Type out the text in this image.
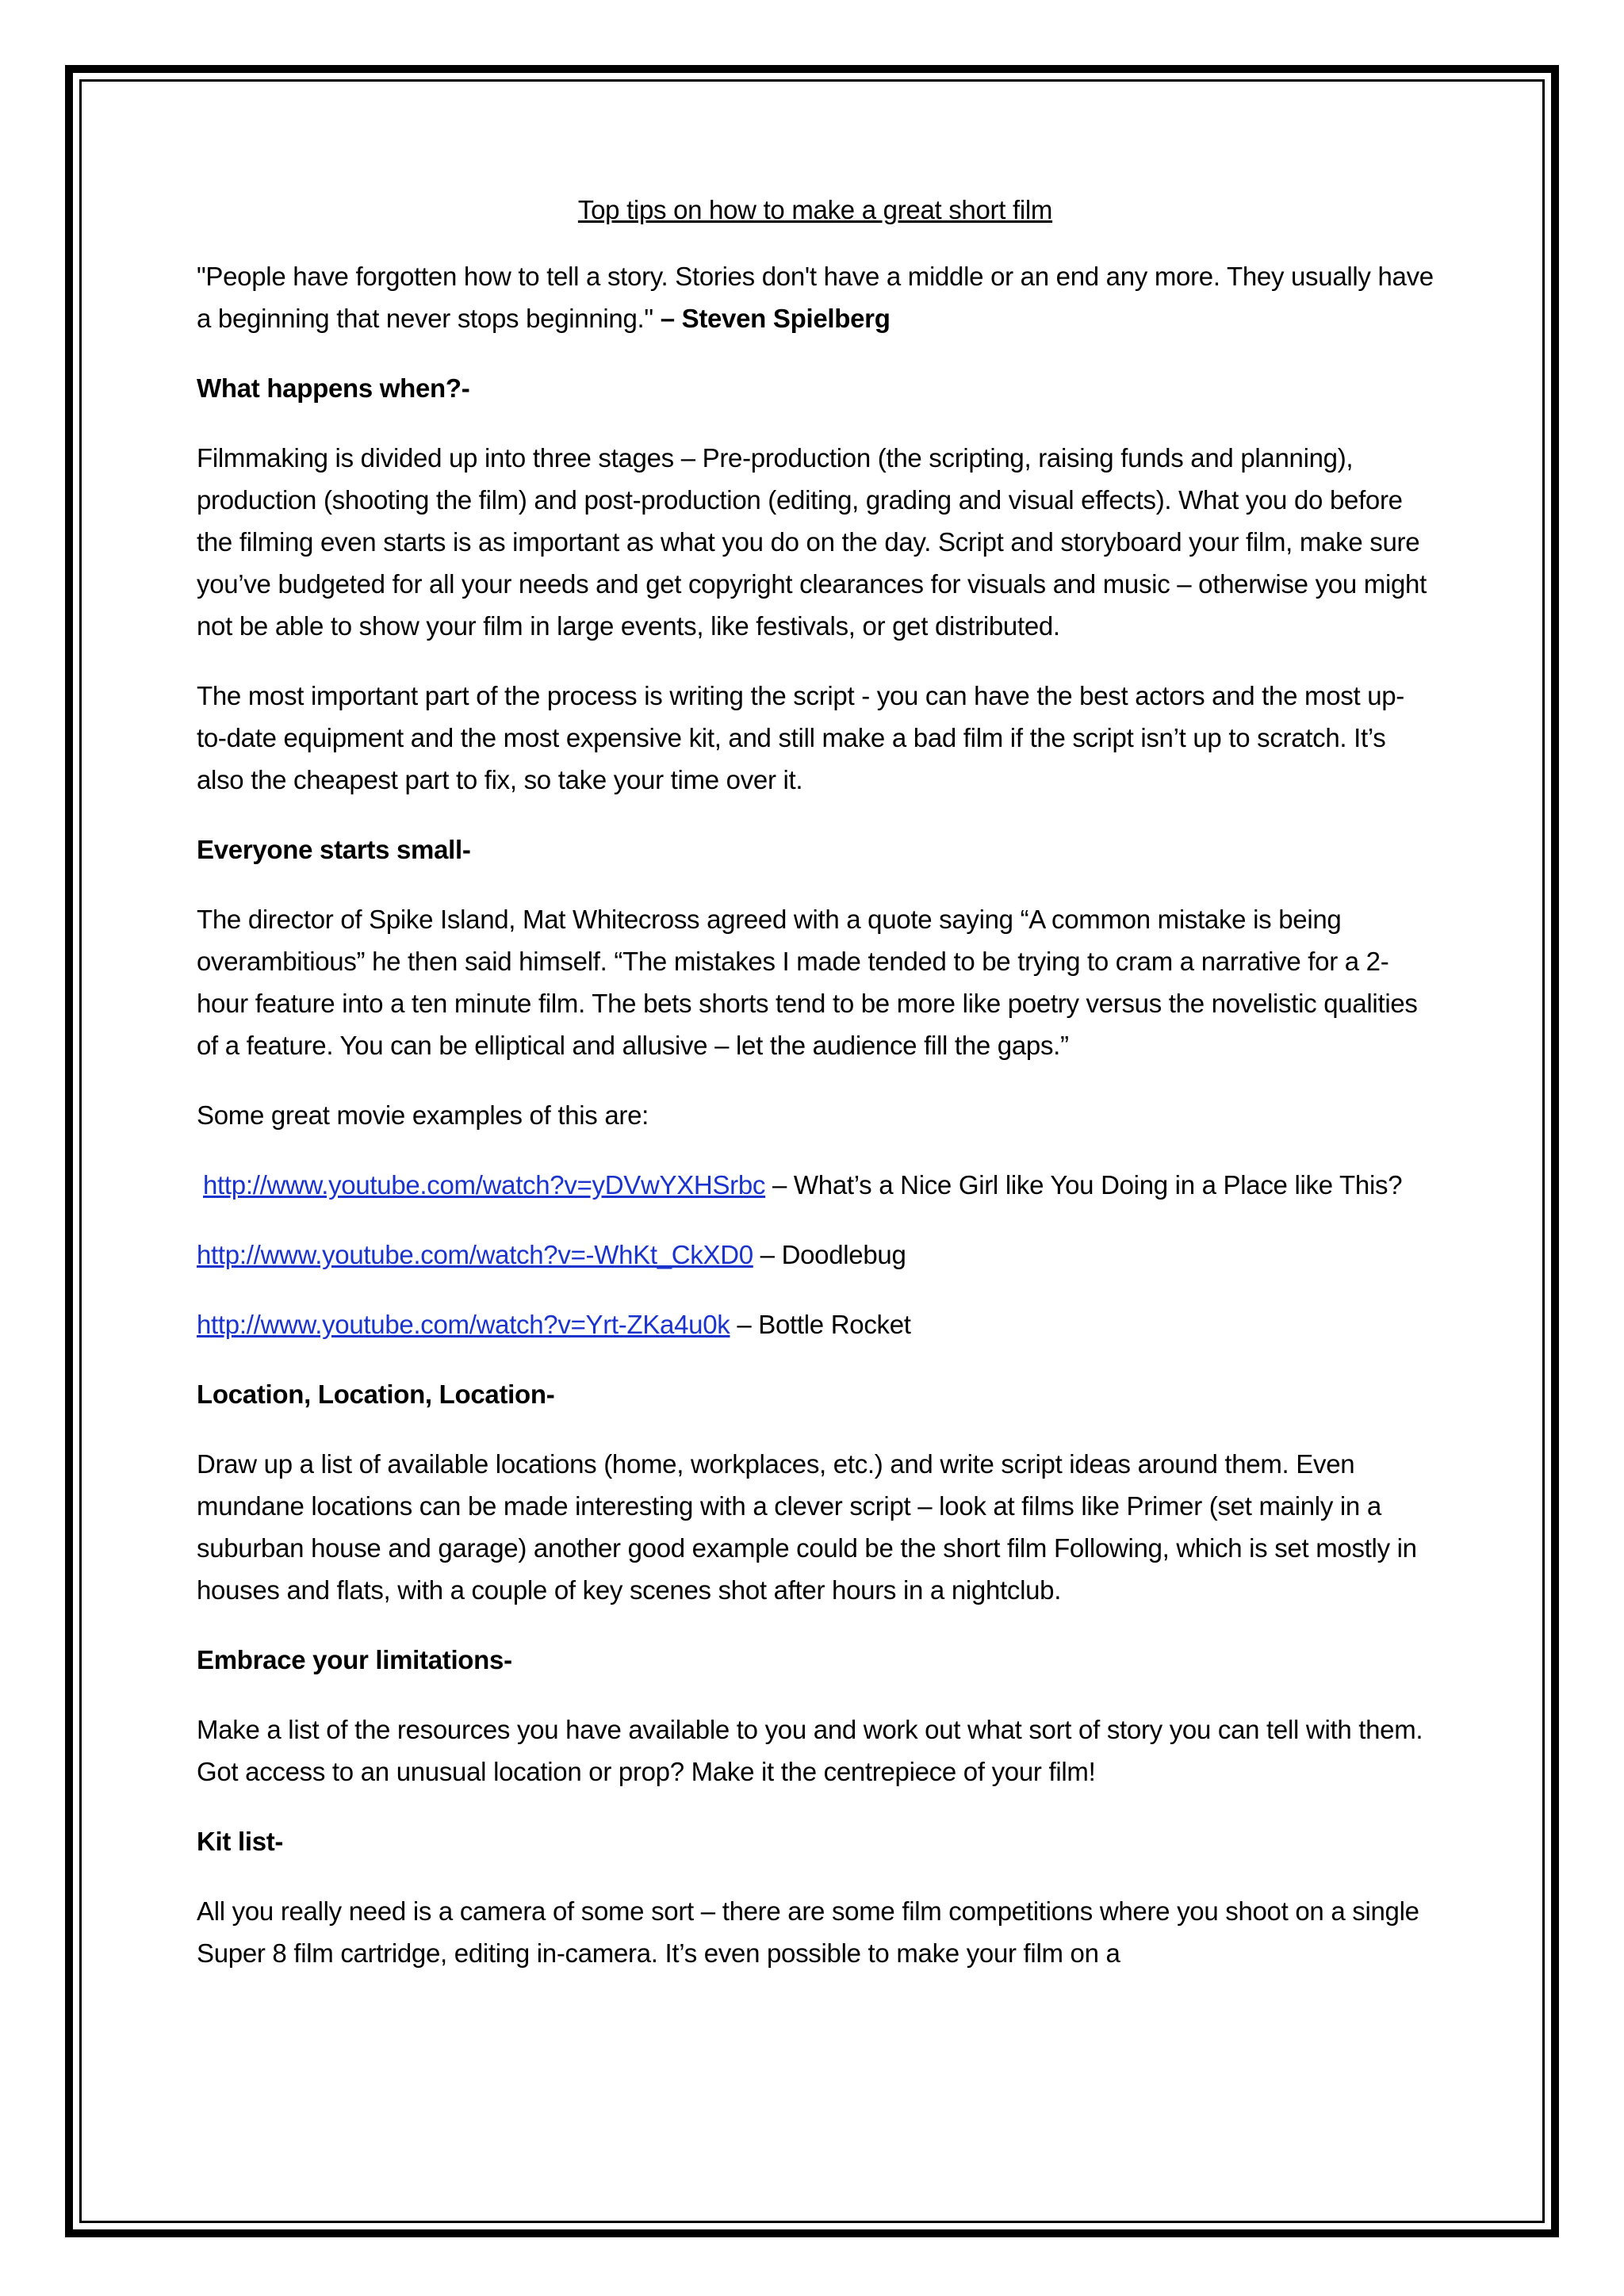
Top tips on how to make a great short film

"People have forgotten how to tell a story. Stories don't have a middle or an end any more. They usually have a beginning that never stops beginning." – Steven Spielberg

What happens when?-

Filmmaking is divided up into three stages – Pre-production (the scripting, raising funds and planning), production (shooting the film) and post-production (editing, grading and visual effects). What you do before the filming even starts is as important as what you do on the day. Script and storyboard your film, make sure you’ve budgeted for all your needs and get copyright clearances for visuals and music – otherwise you might not be able to show your film in large events, like festivals, or get distributed.

The most important part of the process is writing the script - you can have the best actors and the most up-to-date equipment and the most expensive kit, and still make a bad film if the script isn’t up to scratch. It’s also the cheapest part to fix, so take your time over it.

Everyone starts small-

The director of Spike Island, Mat Whitecross agreed with a quote saying “A common mistake is being overambitious” he then said himself. “The mistakes I made tended to be trying to cram a narrative for a 2-hour feature into a ten minute film. The bets shorts tend to be more like poetry versus the novelistic qualities of a feature. You can be elliptical and allusive – let the audience fill the gaps.”

Some great movie examples of this are:

http://www.youtube.com/watch?v=yDVwYXHSrbc – What’s a Nice Girl like You Doing in a Place like This?
http://www.youtube.com/watch?v=-WhKt_CkXD0 – Doodlebug
http://www.youtube.com/watch?v=Yrt-ZKa4u0k – Bottle Rocket

Location, Location, Location-

Draw up a list of available locations (home, workplaces, etc.) and write script ideas around them. Even mundane locations can be made interesting with a clever script – look at films like Primer (set mainly in a suburban house and garage) another good example could be the short film Following, which is set mostly in houses and flats, with a couple of key scenes shot after hours in a nightclub.

Embrace your limitations-

Make a list of the resources you have available to you and work out what sort of story you can tell with them. Got access to an unusual location or prop? Make it the centrepiece of your film!

Kit list-

All you really need is a camera of some sort – there are some film competitions where you shoot on a single Super 8 film cartridge, editing in-camera. It’s even possible to make your film on a
